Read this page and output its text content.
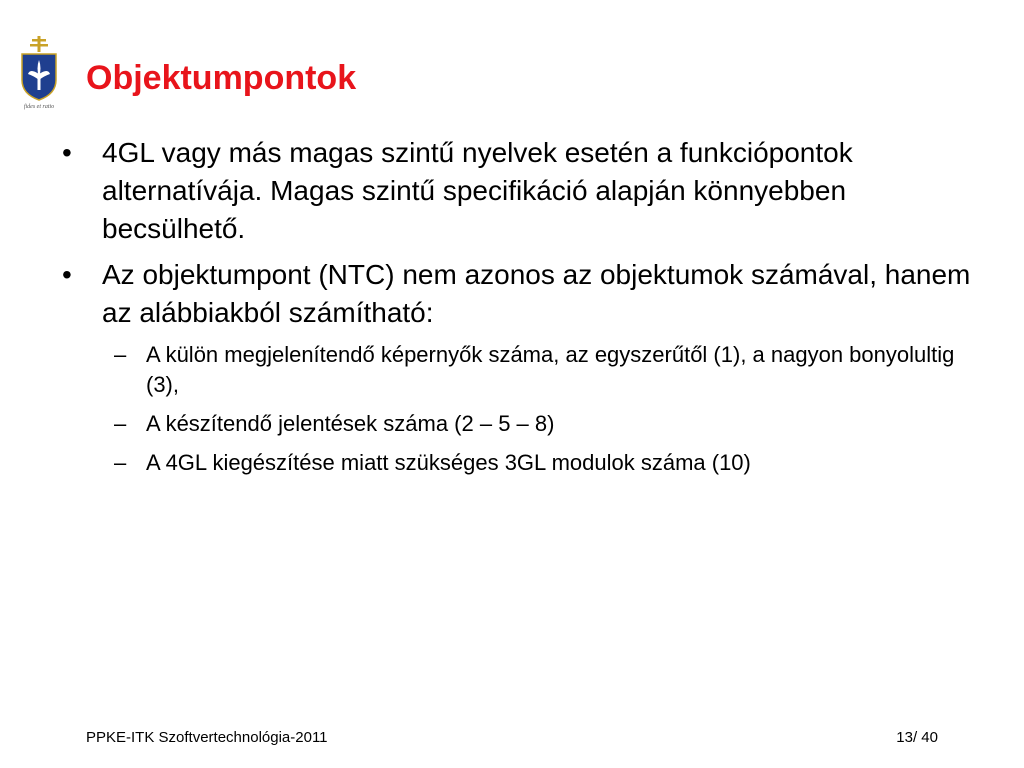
fides et ratio
Objektumpontok
• 4GL vagy más magas szintű nyelvek esetén a funkciópontok alternatívája. Magas szintű specifikáció alapján könnyebben becsülhető.
• Az objektumpont (NTC) nem azonos az objektumok számával, hanem az alábbiakból számítható:
– A külön megjelenítendő képernyők száma, az egyszerűtől (1), a nagyon bonyolultig (3),
– A készítendő jelentések száma (2 – 5 – 8)
– A 4GL kiegészítése miatt szükséges 3GL modulok száma (10)
PPKE-ITK Szoftvertechnológia-2011	13/ 40
